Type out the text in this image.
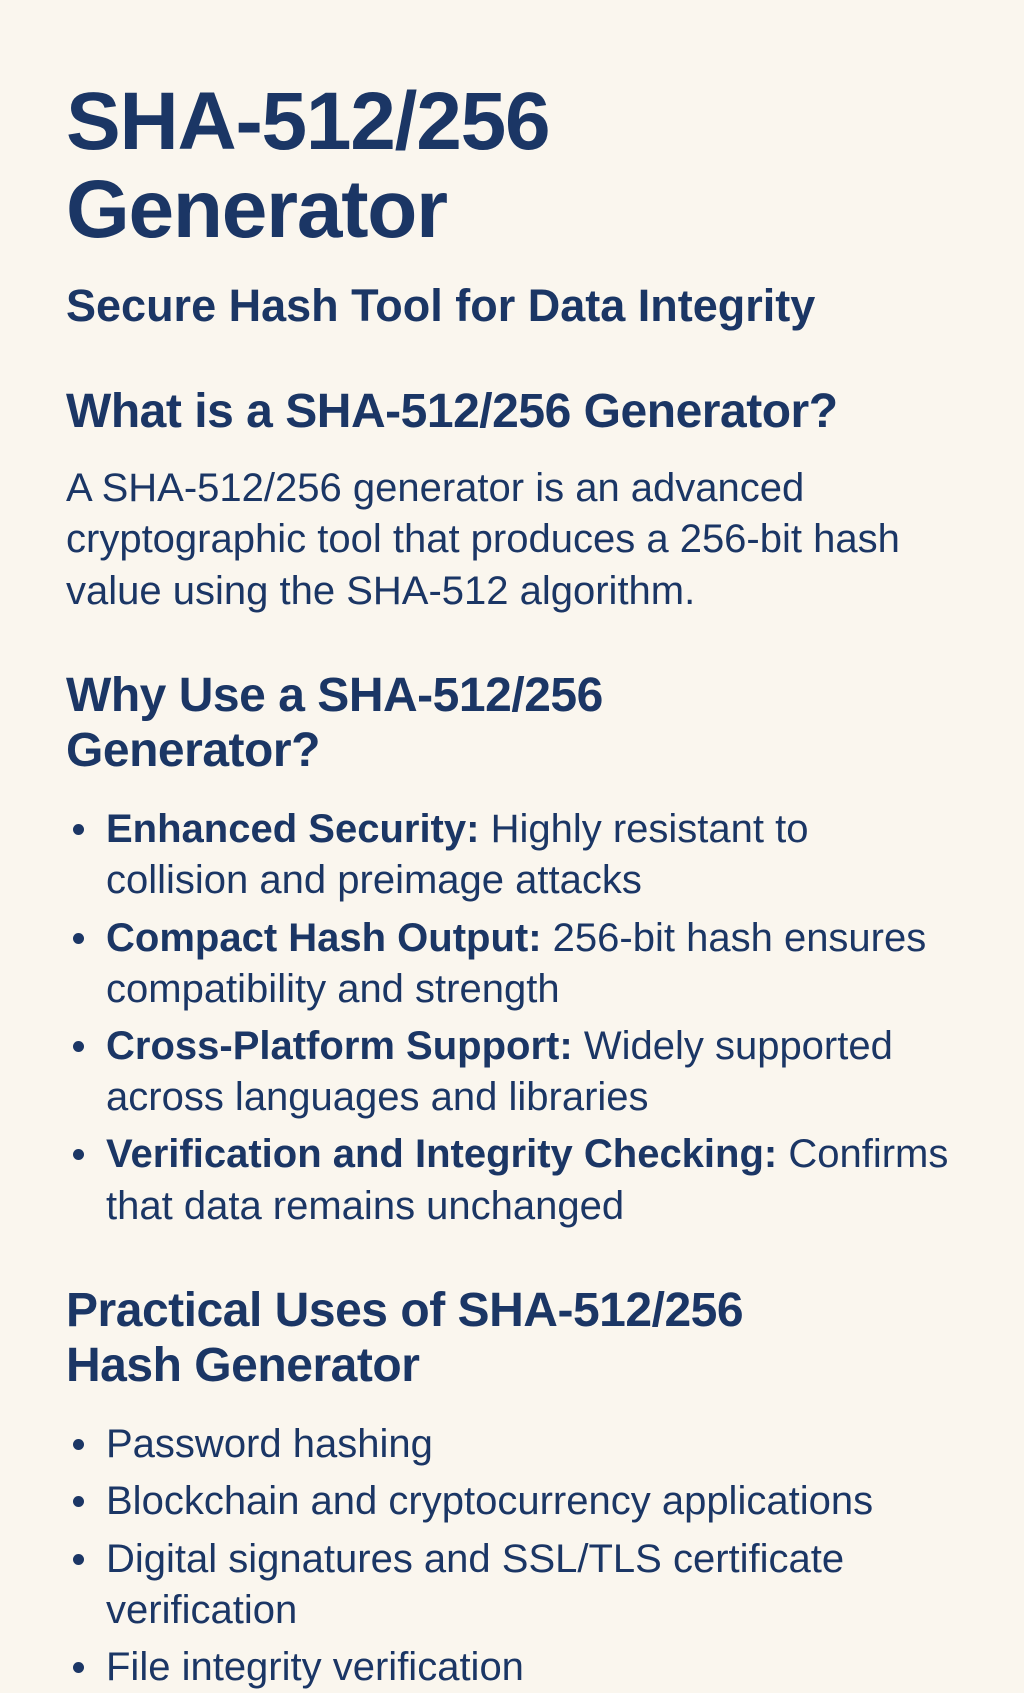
SHA-512/256 Generator

Secure Hash Tool for Data Integrity

What is a SHA-512/256 Generator?

A SHA-512/256 generator is an advanced cryptographic tool that produces a 256-bit hash value using the SHA-512 algorithm.

Why Use a SHA-512/256 Generator?
Enhanced Security: Highly resistant to collision and preimage attacks
Compact Hash Output: 256-bit hash ensures compatibility and strength
Cross-Platform Support: Widely supported across languages and libraries
Verification and Integrity Checking: Confirms that data remains unchanged
Practical Uses of SHA-512/256 Hash Generator
Password hashing
Blockchain and cryptocurrency applications
Digital signatures and SSL/TLS certificate verification
File integrity verification
